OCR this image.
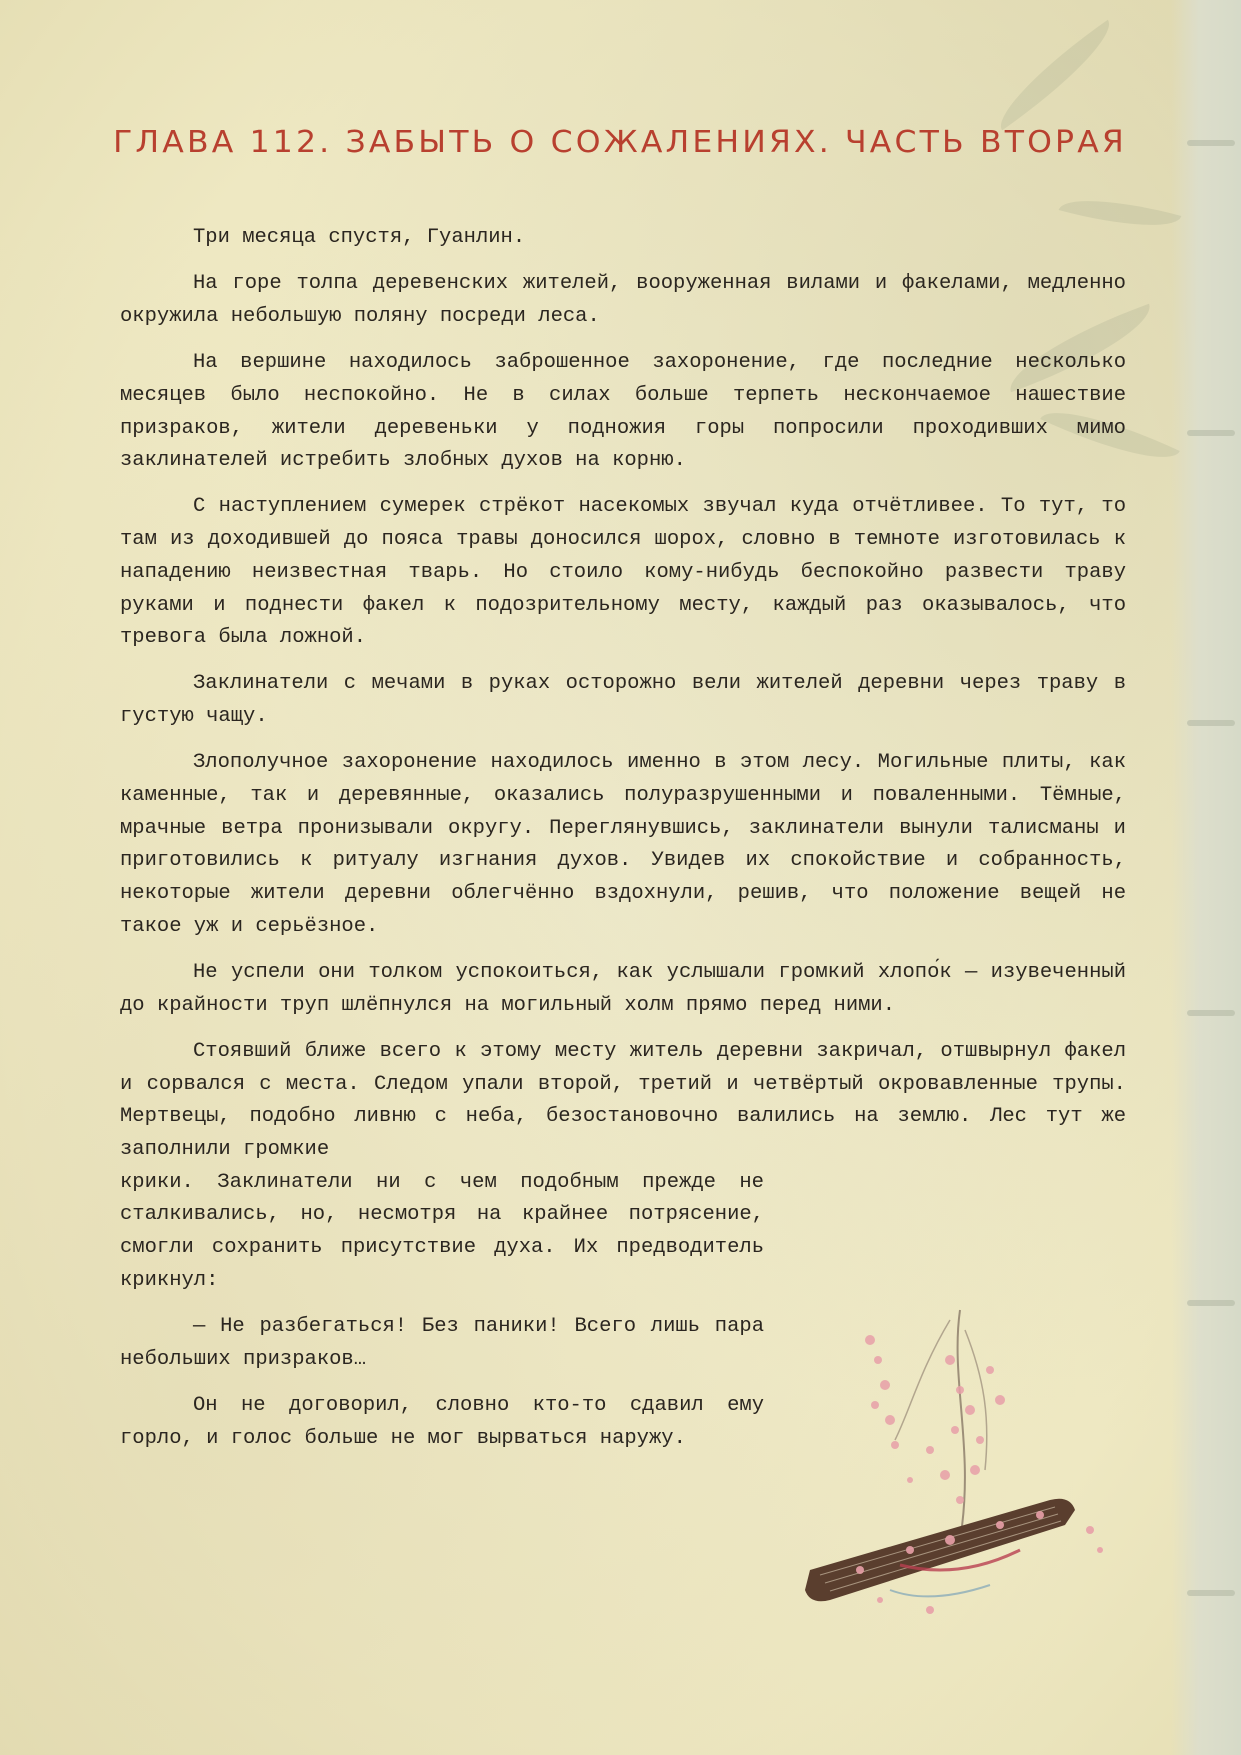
ГЛАВА 112. ЗАБЫТЬ О СОЖАЛЕНИЯХ. ЧАСТЬ ВТОРАЯ

Три месяца спустя, Гуанлин.

На горе толпа деревенских жителей, вооруженная вилами и факелами, медленно окружила небольшую поляну посреди леса.

На вершине находилось заброшенное захоронение, где последние несколько месяцев было неспокойно. Не в силах больше терпеть нескончаемое нашествие призраков, жители деревеньки у подножия горы попросили проходивших мимо заклинателей истребить злобных духов на корню.

С наступлением сумерек стрёкот насекомых звучал куда отчётливее. То тут, то там из доходившей до пояса травы доносился шорох, словно в темноте изготовилась к нападению неизвестная тварь. Но стоило кому-нибудь беспокойно развести траву руками и поднести факел к подозрительному месту, каждый раз оказывалось, что тревога была ложной.

Заклинатели с мечами в руках осторожно вели жителей деревни через траву в густую чащу.

Злополучное захоронение находилось именно в этом лесу. Могильные плиты, как каменные, так и деревянные, оказались полуразрушенными и поваленными. Тёмные, мрачные ветра пронизывали округу. Переглянувшись, заклинатели вынули талисманы и приготовились к ритуалу изгнания духов. Увидев их спокойствие и собранность, некоторые жители деревни облегчённо вздохнули, решив, что положение вещей не такое уж и серьёзное.

Не успели они толком успокоиться, как услышали громкий хлопо́к — изувеченный до крайности труп шлёпнулся на могильный холм прямо перед ними.

Стоявший ближе всего к этому месту житель деревни закричал, отшвырнул факел и сорвался с места. Следом упали второй, третий и четвёртый окровавленные трупы. Мертвецы, подобно ливню с неба, безостановочно валились на землю. Лес тут же заполнили громкие

крики. Заклинатели ни с чем подобным прежде не сталкивались, но, несмотря на крайнее потрясение, смогли сохранить присутствие духа. Их предводитель крикнул:

— Не разбегаться! Без паники! Всего лишь пара небольших призраков…

Он не договорил, словно кто-то сдавил ему горло, и голос больше не мог вырваться наружу.
